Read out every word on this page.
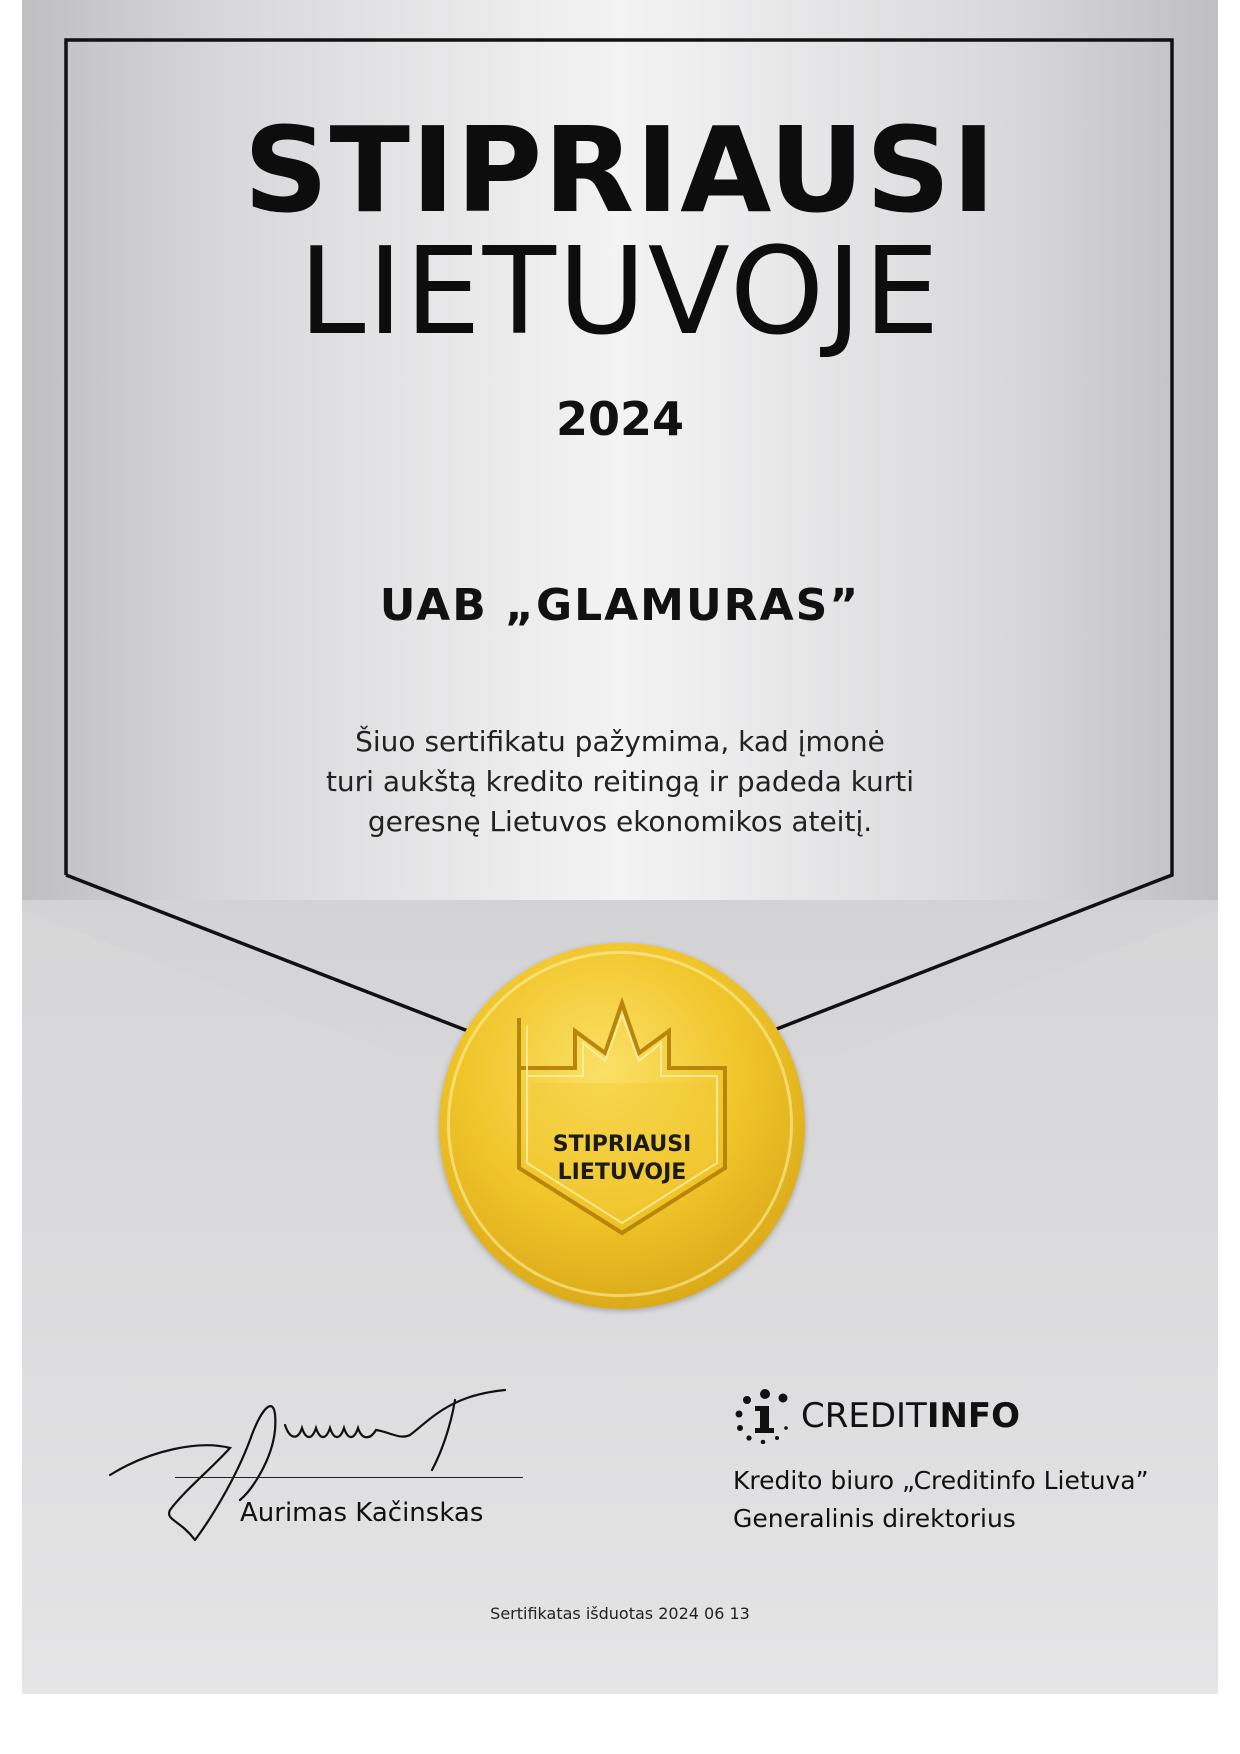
STIPRIAUSI
LIETUVOJE
2024
UAB „GLAMURAS”
Šiuo sertifikatu pažymima, kad įmonė
turi aukštą kredito reitingą ir padeda kurti
geresnę Lietuvos ekonomikos ateitį.
STIPRIAUSI
LIETUVOJE
Aurimas Kačinskas
CREDITINFO
Kredito biuro „Creditinfo Lietuva”
Generalinis direktorius
Sertifikatas išduotas 2024 06 13
